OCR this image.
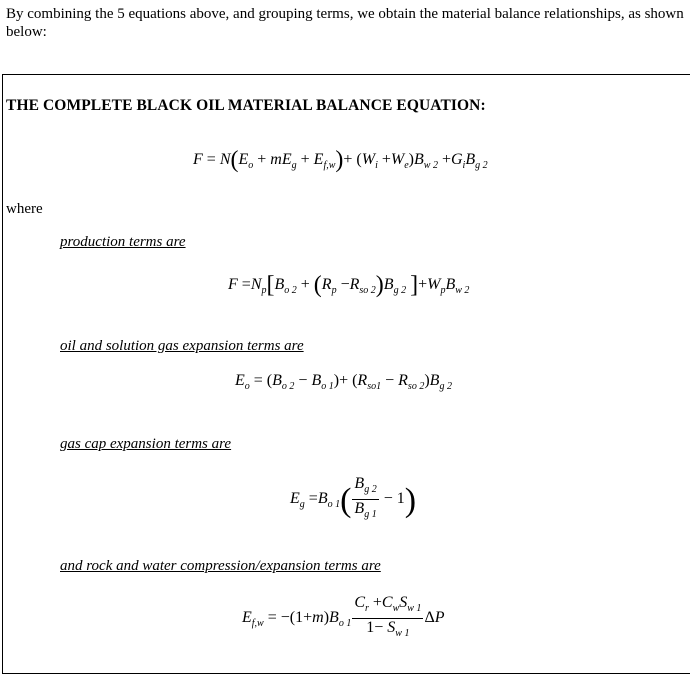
By combining the 5 equations above, and grouping terms, we obtain the material balance relationships, as shown
below:
THE COMPLETE BLACK OIL MATERIAL BALANCE EQUATION:
$F = N(E_o + mE_g + E_{f,w})+ (W_i +W_e)B_{w 2} +G_iB_{g 2}$
where
production terms are
$F =N_p[B_{o 2} + (R_p -R_{so 2})B_{g 2}$ ]$+W_pB_{w 2}$
oil and solution gas expansion terms are
$E_o = (B_{o 2} - B_{o 1})+ (R_{so1} - R_{so 2})B_{g 2}$
gas cap expansion terms are
$E_g =B_{o 1}( \frac{B_{g 2}}{B_{g 1}} - 1)$
and rock and water compression/expansion terms are
$E_{f,w} = -(1+m)B_{o 1} \frac{C_r +C_wS_{w 1}}{1- S_{w 1}}$ ΔP
